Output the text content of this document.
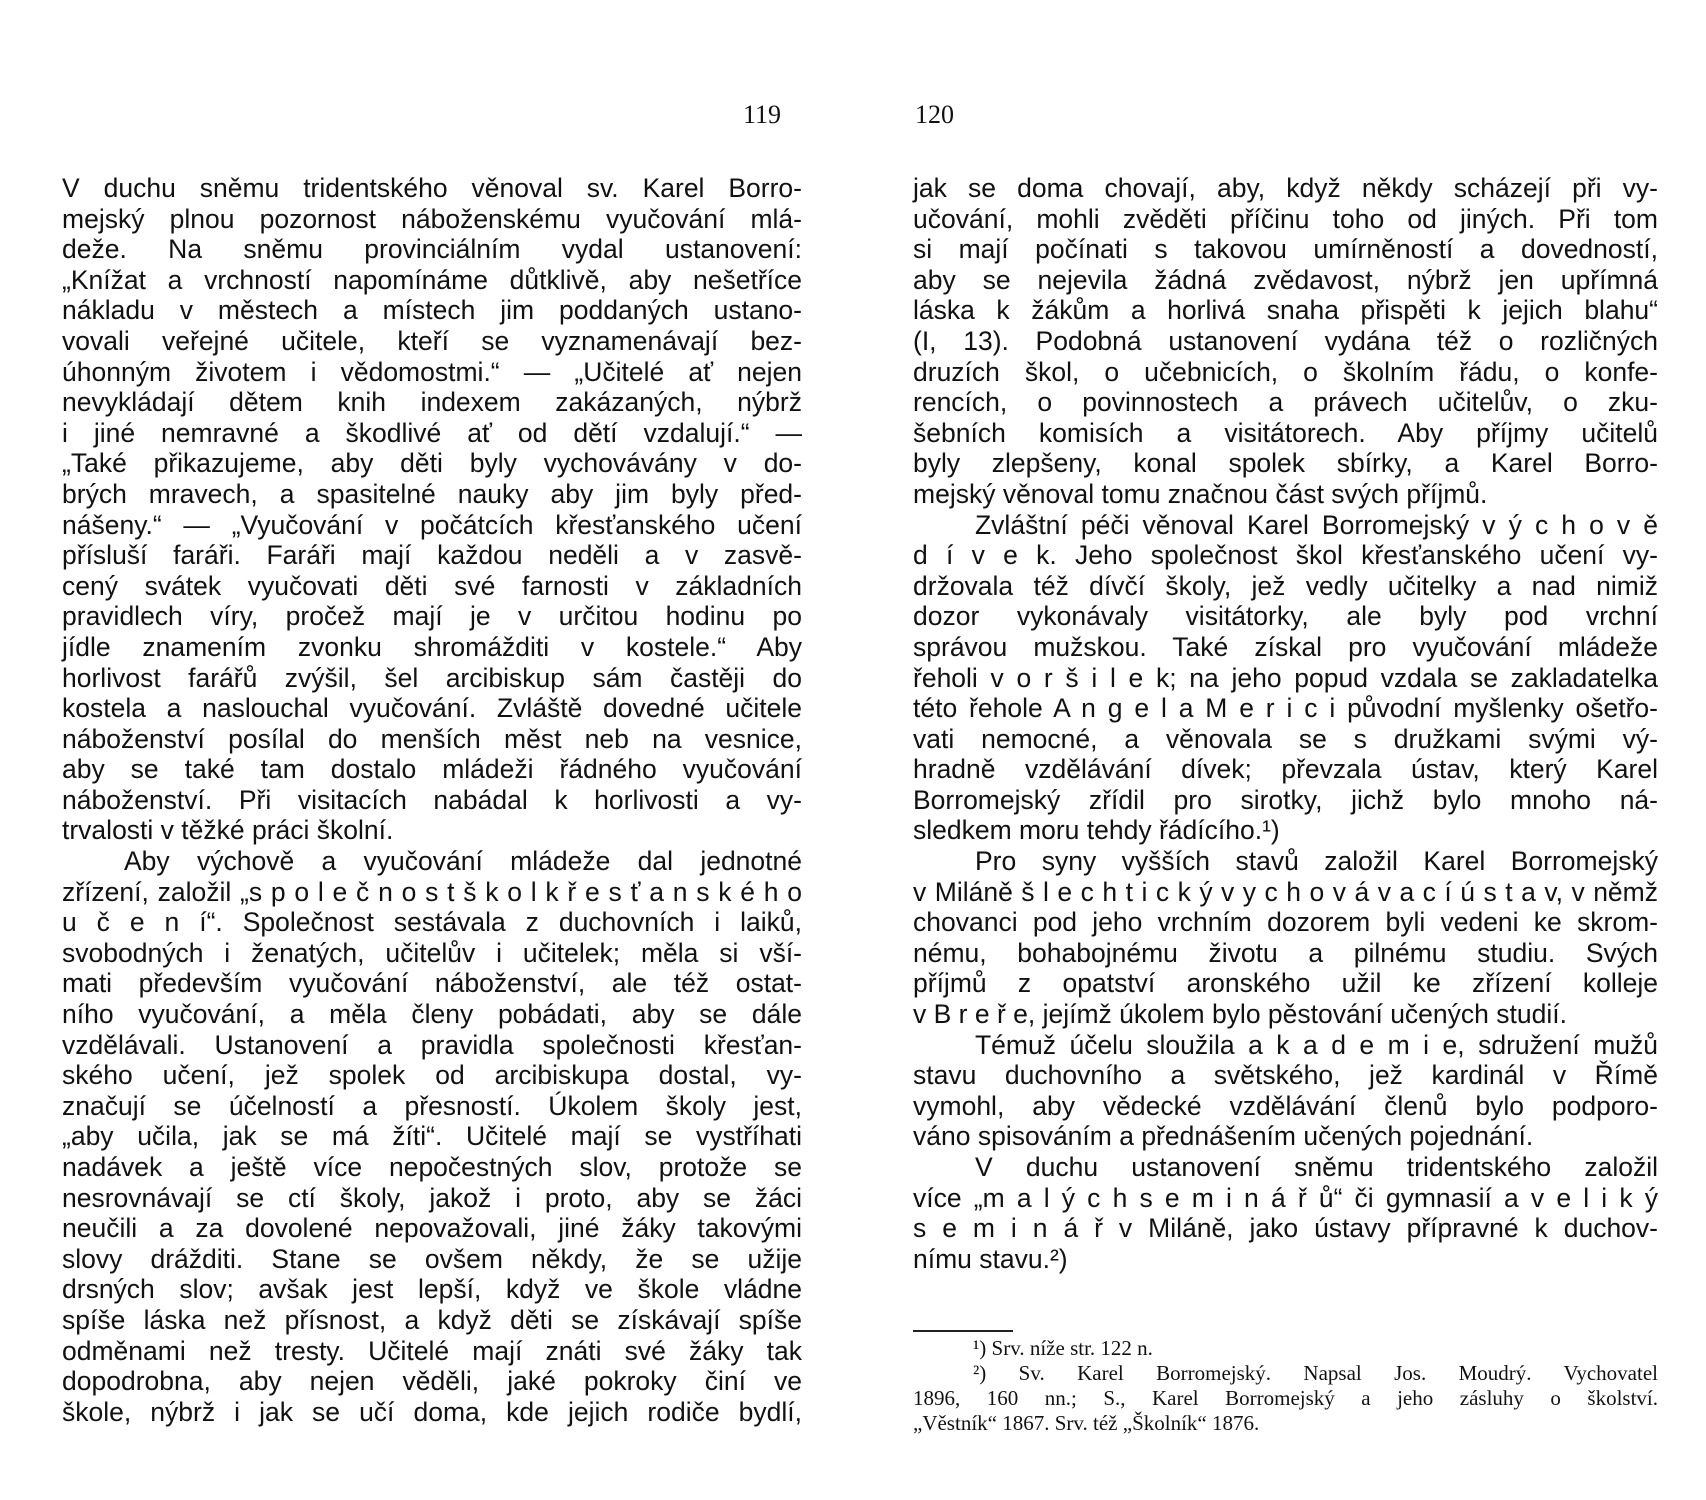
119
V duchu sněmu tridentského věnoval sv. Karel Borro-
mejský plnou pozornost náboženskému vyučování mlá-
deže. Na sněmu provinciálním vydal ustanovení:
„Knížat a vrchností napomínáme důtklivě, aby nešetříce
nákladu v městech a místech jim poddaných ustano-
vovali veřejné učitele, kteří se vyznamenávají bez-
úhonným životem i vědomostmi.“ — „Učitelé ať nejen
nevykládají dětem knih indexem zakázaných, nýbrž
i jiné nemravné a škodlivé ať od dětí vzdalují.“ —
„Také přikazujeme, aby děti byly vychovávány v do-
brých mravech, a spasitelné nauky aby jim byly před-
nášeny.“ — „Vyučování v počátcích křesťanského učení
přísluší faráři. Faráři mají každou neděli a v zasvě-
cený svátek vyučovati děti své farnosti v základních
pravidlech víry, pročež mají je v určitou hodinu po
jídle znamením zvonku shromážditi v kostele.“ Aby
horlivost farářů zvýšil, šel arcibiskup sám častěji do
kostela a naslouchal vyučování. Zvláště dovedné učitele
náboženství posílal do menších měst neb na vesnice,
aby se také tam dostalo mládeži řádného vyučování
náboženství. Při visitacích nabádal k horlivosti a vy-
trvalosti v těžké práci školní.
Aby výchově a vyučování mládeže dal jednotné
zřízení, založil „s p o l e č n o s t š k o l k ř e s ť a n s k é h o
u č e n í“. Společnost sestávala z duchovních i laiků,
svobodných i ženatých, učitelův i učitelek; měla si vší-
mati především vyučování náboženství, ale též ostat-
ního vyučování, a měla členy pobádati, aby se dále
vzdělávali. Ustanovení a pravidla společnosti křesťan-
ského učení, jež spolek od arcibiskupa dostal, vy-
značují se účelností a přesností. Úkolem školy jest,
„aby učila, jak se má žíti“. Učitelé mají se vystříhati
nadávek a ještě více nepočestných slov, protože se
nesrovnávají se ctí školy, jakož i proto, aby se žáci
neučili a za dovolené nepovažovali, jiné žáky takovými
slovy drážditi. Stane se ovšem někdy, že se užije
drsných slov; avšak jest lepší, když ve škole vládne
spíše láska než přísnost, a když děti se získávají spíše
odměnami než tresty. Učitelé mají znáti své žáky tak
dopodrobna, aby nejen věděli, jaké pokroky činí ve
škole, nýbrž i jak se učí doma, kde jejich rodiče bydlí,
120
jak se doma chovají, aby, když někdy scházejí při vy-
učování, mohli zvěděti příčinu toho od jiných. Při tom
si mají počínati s takovou umírněností a dovedností,
aby se nejevila žádná zvědavost, nýbrž jen upřímná
láska k žákům a horlivá snaha přispěti k jejich blahu“
(I, 13). Podobná ustanovení vydána též o rozličných
druzích škol, o učebnicích, o školním řádu, o konfe-
rencích, o povinnostech a právech učitelův, o zku-
šebních komisích a visitátorech. Aby příjmy učitelů
byly zlepšeny, konal spolek sbírky, a Karel Borro-
mejský věnoval tomu značnou část svých příjmů.
Zvláštní péči věnoval Karel Borromejský v ý c h o v ě
d í v e k. Jeho společnost škol křesťanského učení vy-
držovala též dívčí školy, jež vedly učitelky a nad nimiž
dozor vykonávaly visitátorky, ale byly pod vrchní
správou mužskou. Také získal pro vyučování mládeže
řeholi v o r š i l e k; na jeho popud vzdala se zakladatelka
této řehole A n g e l a M e r i c i původní myšlenky ošetřo-
vati nemocné, a věnovala se s družkami svými vý-
hradně vzdělávání dívek; převzala ústav, který Karel
Borromejský zřídil pro sirotky, jichž bylo mnoho ná-
sledkem moru tehdy řádícího.¹)
Pro syny vyšších stavů založil Karel Borromejský
v Miláně š l e c h t i c k ý v y c h o v á v a c í ú s t a v, v němž
chovanci pod jeho vrchním dozorem byli vedeni ke skrom-
nému, bohabojnému životu a pilnému studiu. Svých
příjmů z opatství aronského užil ke zřízení kolleje
v B r e ř e, jejímž úkolem bylo pěstování učených studií.
Témuž účelu sloužila a k a d e m i e, sdružení mužů
stavu duchovního a světského, jež kardinál v Římě
vymohl, aby vědecké vzdělávání členů bylo podporo-
váno spisováním a přednášením učených pojednání.
V duchu ustanovení sněmu tridentského založil
více „m a l ý c h s e m i n á ř ů“ či gymnasií a v e l i k ý
s e m i n á ř v Miláně, jako ústavy přípravné k duchov-
nímu stavu.²)
¹) Srv. níže str. 122 n.
²) Sv. Karel Borromejský. Napsal Jos. Moudrý. Vychovatel
1896, 160 nn.; S., Karel Borromejský a jeho zásluhy o školství.
„Věstník“ 1867. Srv. též „Školník“ 1876.
